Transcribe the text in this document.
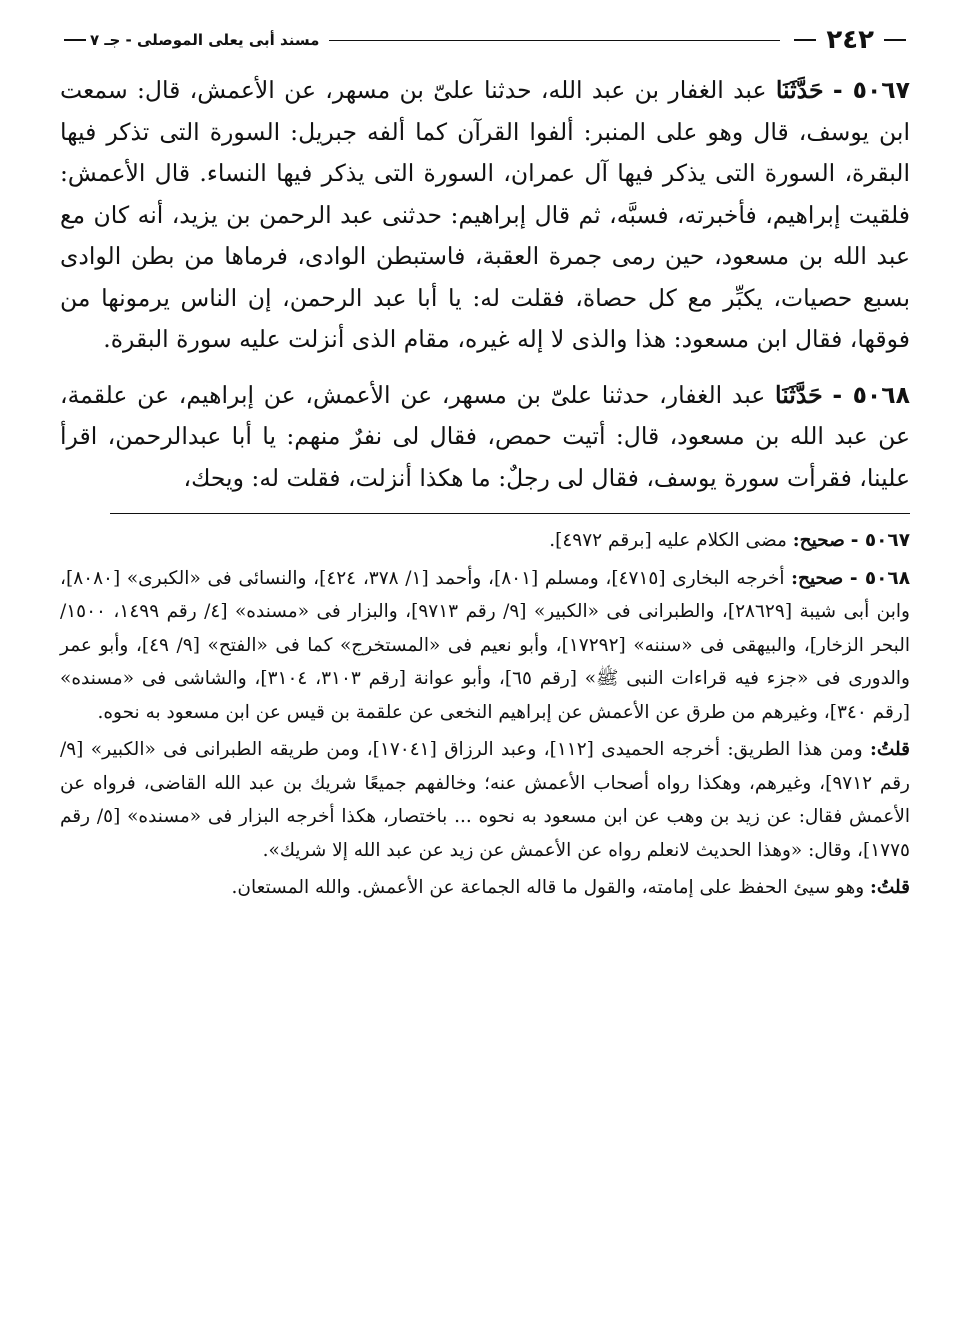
٢٤٢
مسند أبى يعلى الموصلى - جـ ٧

٥٠٦٧ - حَدَّثَنَا عبد الغفار بن عبد الله، حدثنا علىّ بن مسهر، عن الأعمش، قال: سمعت ابن يوسف، قال وهو على المنبر: ألفوا القرآن كما ألفه جبريل: السورة التى تذكر فيها البقرة، السورة التى يذكر فيها آل عمران، السورة التى يذكر فيها النساء. قال الأعمش: فلقيت إبراهيم، فأخبرته، فسبَّه، ثم قال إبراهيم: حدثنى عبد الرحمن بن يزيد، أنه كان مع عبد الله بن مسعود، حين رمى جمرة العقبة، فاستبطن الوادى، فرماها من بطن الوادى بسبع حصيات، يكبِّر مع كل حصاة، فقلت له: يا أبا عبد الرحمن، إن الناس يرمونها من فوقها، فقال ابن مسعود: هذا والذى لا إله غيره، مقام الذى أنزلت عليه سورة البقرة.

٥٠٦٨ - حَدَّثَنَا عبد الغفار، حدثنا علىّ بن مسهر، عن الأعمش، عن إبراهيم، عن علقمة، عن عبد الله بن مسعود، قال: أتيت حمص، فقال لى نفرٌ منهم: يا أبا عبدالرحمن، اقرأ علينا، فقرأت سورة يوسف، فقال لى رجلٌ: ما هكذا أنزلت، فقلت له: ويحك،

٥٠٦٧ - صحيح: مضى الكلام عليه [برقم ٤٩٧٢].

٥٠٦٨ - صحيح: أخرجه البخارى [٤٧١٥]، ومسلم [٨٠١]، وأحمد [١/ ٣٧٨، ٤٢٤]، والنسائى فى «الكبرى» [٨٠٨٠]، وابن أبى شيبة [٢٨٦٢٩]، والطبرانى فى «الكبير» [٩/ رقم ٩٧١٣]، والبزار فى «مسنده» [٤/ رقم ١٤٩٩، ١٥٠٠/ البحر الزخار]، والبيهقى فى «سننه» [١٧٢٩٢]، وأبو نعيم فى «المستخرج» كما فى «الفتح» [٩/ ٤٩]، وأبو عمر والدورى فى «جزء فيه قراءات النبى ﷺ» [رقم ٦٥]، وأبو عوانة [رقم ٣١٠٣، ٣١٠٤]، والشاشى فى «مسنده» [رقم ٣٤٠]، وغيرهم من طرق عن الأعمش عن إبراهيم النخعى عن علقمة بن قيس عن ابن مسعود به نحوه.

قلتُ: ومن هذا الطريق: أخرجه الحميدى [١١٢]، وعبد الرزاق [١٧٠٤١]، ومن طريقه الطبرانى فى «الكبير» [٩/ رقم ٩٧١٢]، وغيرهم، وهكذا رواه أصحاب الأعمش عنه؛ وخالفهم جميعًا شريك بن عبد الله القاضى، فرواه عن الأعمش فقال: عن زيد بن وهب عن ابن مسعود به نحوه ... باختصار، هكذا أخرجه البزار فى «مسنده» [٥/ رقم ١٧٧٥]، وقال: «وهذا الحديث لانعلم رواه عن الأعمش عن زيد عن عبد الله إلا شريك».

قلتُ: وهو سيئ الحفظ على إمامته، والقول ما قاله الجماعة عن الأعمش. والله المستعان.
